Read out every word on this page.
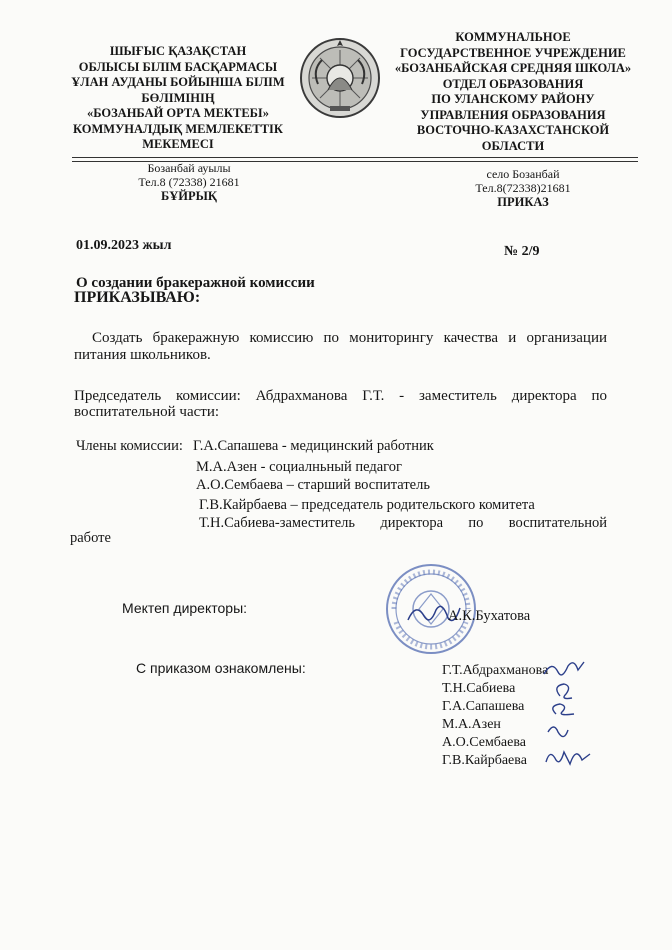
ШЫҒЫС ҚАЗАҚСТАН
ОБЛЫСЫ БІЛІМ БАСҚАРМАСЫ
ҰЛАН АУДАНЫ БОЙЫНША БІЛІМ
БӨЛІМІНІҢ
«БОЗАНБАЙ ОРТА МЕКТЕБІ»
КОММУНАЛДЫҚ МЕМЛЕКЕТТІК
МЕКЕМЕСІ
КОММУНАЛЬНОЕ
ГОСУДАРСТВЕННОЕ УЧРЕЖДЕНИЕ
«БОЗАНБАЙСКАЯ СРЕДНЯЯ ШКОЛА»
ОТДЕЛ ОБРАЗОВАНИЯ
ПО УЛАНСКОМУ РАЙОНУ
УПРАВЛЕНИЯ ОБРАЗОВАНИЯ
ВОСТОЧНО-КАЗАХСТАНСКОЙ
ОБЛАСТИ
Бозанбай ауылы
Тел.8 (72338) 21681
БҰЙРЫҚ
село Бозанбай
Тел.8(72338)21681
ПРИКАЗ
01.09.2023 жыл	№ 2/9
О создании бракеражной комиссии
ПРИКАЗЫВАЮ:
Создать бракеражную комиссию по мониторингу качества и организации
питания школьников.
Председатель комиссии: Абдрахманова Г.Т. - заместитель директора по
воспитательной части:
Члены комиссии: Г.А.Сапашева - медицинский работник
М.А.Азен - социалньный педагог
А.О.Сембаева – старший воспитатель
Г.В.Кайрбаева – председатель родительского комитета
Т.Н.Сабиева-заместитель директора по воспитательной
работе
Мектеп директоры:	А.К.Бухатова
С приказом ознакомлены:	Г.Т.Абдрахманова
Т.Н.Сабиева
Г.А.Сапашева
М.А.Азен
А.О.Сембаева
Г.В.Кайрбаева
